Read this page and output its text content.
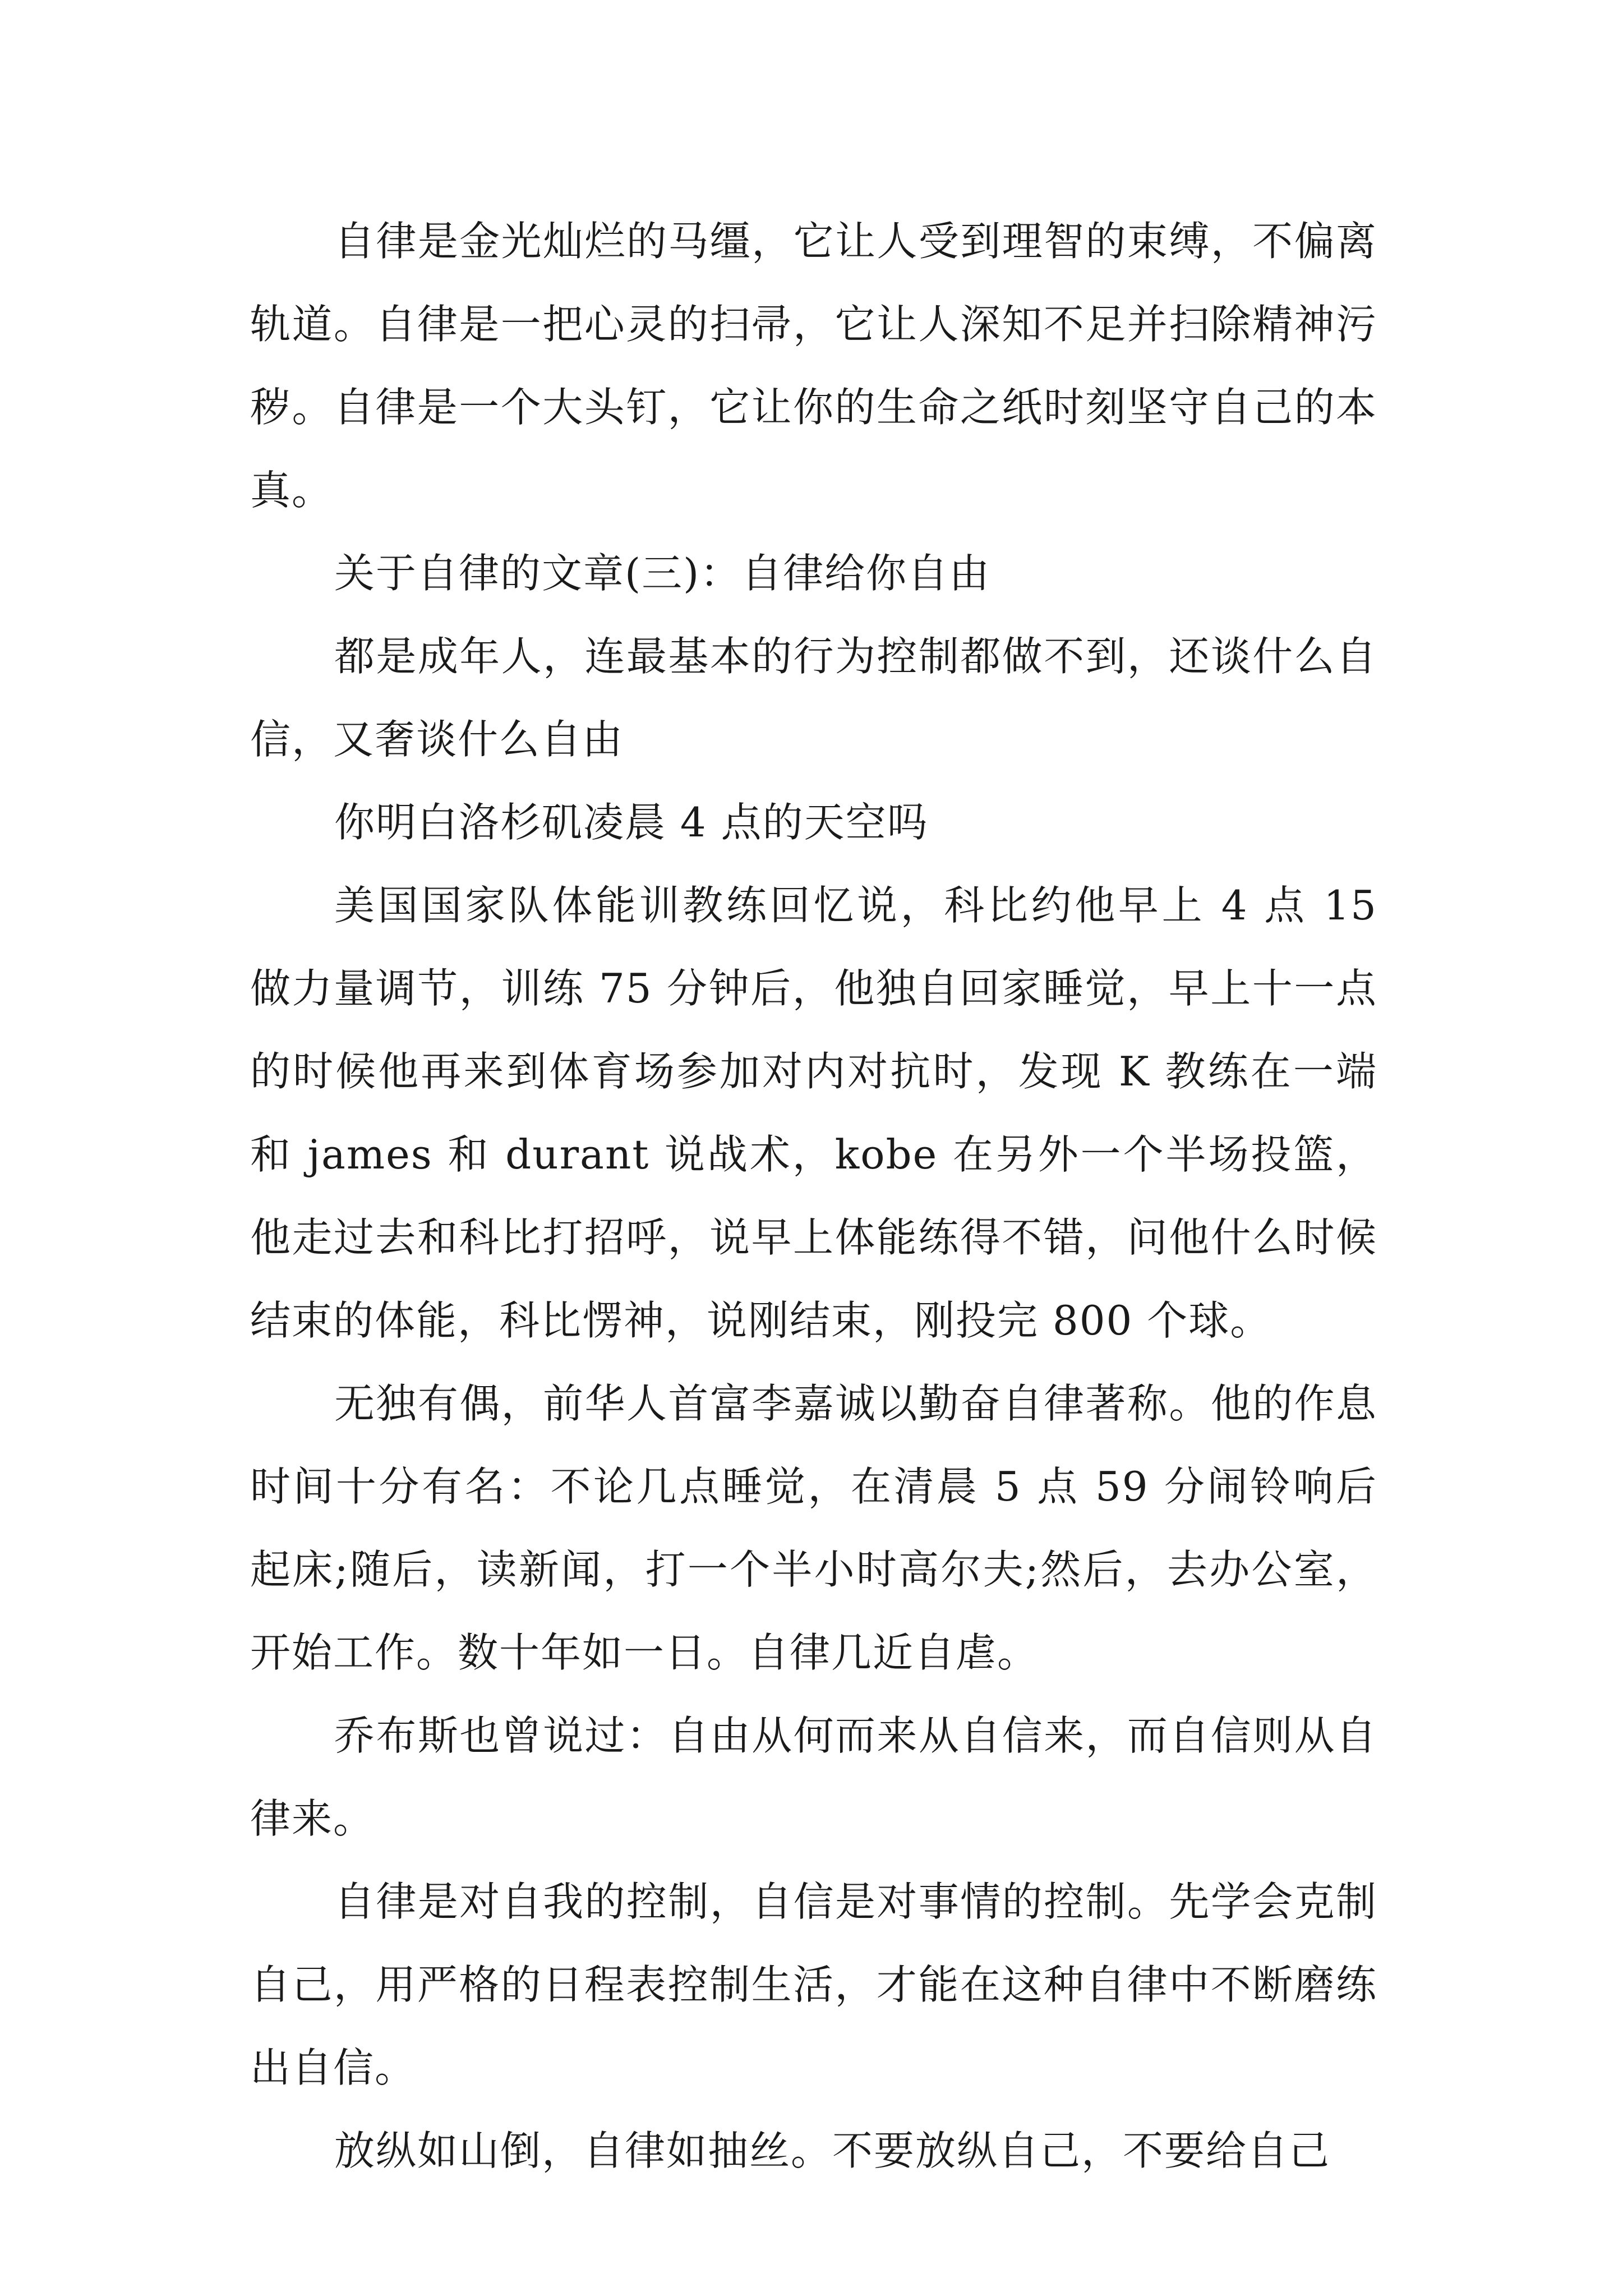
自律是金光灿烂的马缰，它让人受到理智的束缚，不偏离轨道。自律是一把心灵的扫帚，它让人深知不足并扫除精神污秽。自律是一个大头钉，它让你的生命之纸时刻坚守自己的本真。

关于自律的文章(三)：自律给你自由

都是成年人，连最基本的行为控制都做不到，还谈什么自信，又奢谈什么自由

你明白洛杉矶凌晨 4 点的天空吗

美国国家队体能训教练回忆说，科比约他早上 4 点 15 做力量调节，训练 75 分钟后，他独自回家睡觉，早上十一点的时候他再来到体育场参加对内对抗时，发现 K 教练在一端和 james 和 durant 说战术，kobe 在另外一个半场投篮，他走过去和科比打招呼，说早上体能练得不错，问他什么时候结束的体能，科比愣神，说刚结束，刚投完 800 个球。

无独有偶，前华人首富李嘉诚以勤奋自律著称。他的作息时间十分有名：不论几点睡觉，在清晨 5 点 59 分闹铃响后起床;随后，读新闻，打一个半小时高尔夫;然后，去办公室，开始工作。数十年如一日。自律几近自虐。

乔布斯也曾说过：自由从何而来从自信来，而自信则从自律来。

自律是对自我的控制，自信是对事情的控制。先学会克制自己，用严格的日程表控制生活，才能在这种自律中不断磨练出自信。

放纵如山倒，自律如抽丝。不要放纵自己，不要给自己
